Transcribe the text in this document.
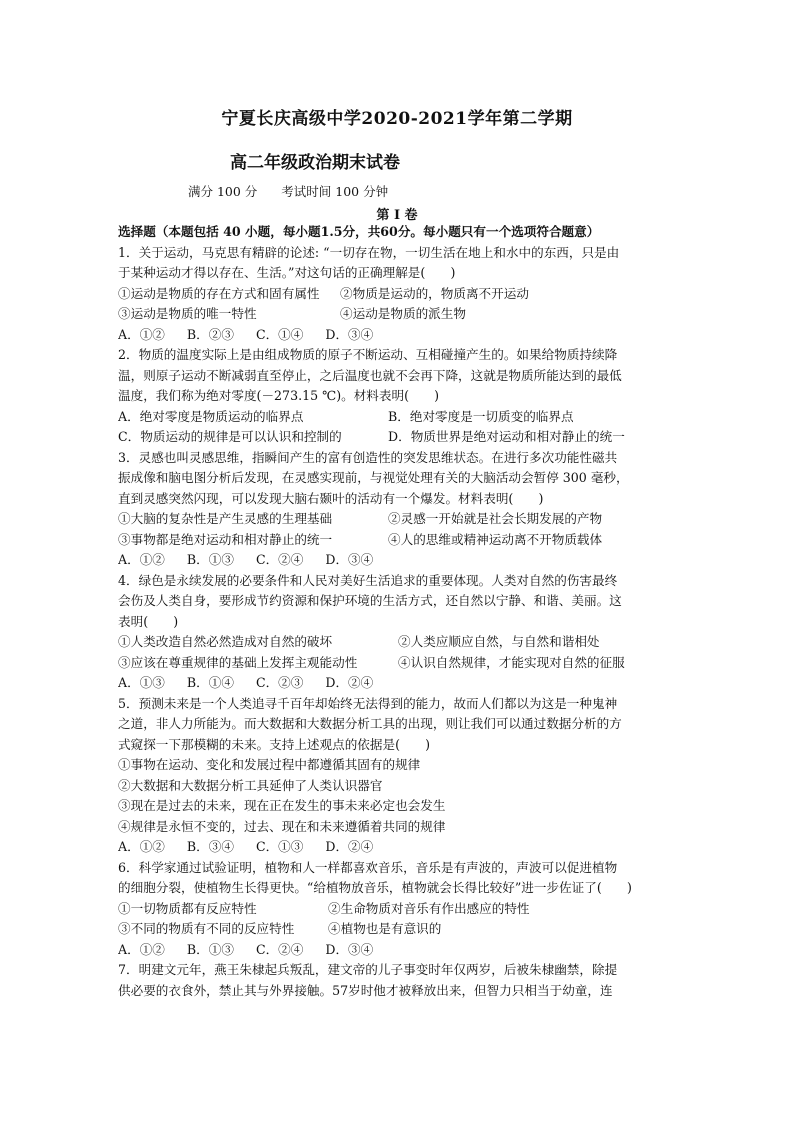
宁夏长庆高级中学2020-2021学年第二学期
高二年级政治期末试卷
满分 100 分 考试时间 100 分钟
第 I 卷
选择题（本题包括 40 小题，每小题1.5分，共60分。每小题只有一个选项符合题意）
1．关于运动，马克思有精辟的论述: “一切存在物，一切生活在地上和水中的东西，只是由
于某种运动才得以存在、生活。”对这句话的正确理解是(　　)
①运动是物质的存在方式和固有属性 ②物质是运动的，物质离不开运动
③运动是物质的唯一特性	④运动是物质的派生物
A．①② B．②③ C．①④ D．③④
2．物质的温度实际上是由组成物质的原子不断运动、互相碰撞产生的。如果给物质持续降
温，则原子运动不断减弱直至停止，之后温度也就不会再下降，这就是物质所能达到的最低
温度，我们称为绝对零度(－273.15 ℃)。材料表明(　　)
A．绝对零度是物质运动的临界点	B．绝对零度是一切质变的临界点
C．物质运动的规律是可以认识和控制的	D．物质世界是绝对运动和相对静止的统一
3．灵感也叫灵感思维，指瞬间产生的富有创造性的突发思维状态。在进行多次功能性磁共
振成像和脑电图分析后发现，在灵感实现前，与视觉处理有关的大脑活动会暂停 300 毫秒，
直到灵感突然闪现，可以发现大脑右颞叶的活动有一个爆发。材料表明(　　)
①大脑的复杂性是产生灵感的生理基础	②灵感一开始就是社会长期发展的产物
③事物都是绝对运动和相对静止的统一	④人的思维或精神运动离不开物质载体
A．①② B．①③ C．②④ D．③④
4．绿色是永续发展的必要条件和人民对美好生活追求的重要体现。人类对自然的伤害最终
会伤及人类自身，要形成节约资源和保护环境的生活方式，还自然以宁静、和谐、美丽。这
表明(　　)
①人类改造自然必然造成对自然的破坏	②人类应顺应自然，与自然和谐相处
③应该在尊重规律的基础上发挥主观能动性	④认识自然规律，才能实现对自然的征服
A．①③ B．①④ C．②③ D．②④
5．预测未来是一个人类追寻千百年却始终无法得到的能力，故而人们都以为这是一种鬼神
之道，非人力所能为。而大数据和大数据分析工具的出现，则让我们可以通过数据分析的方
式窥探一下那模糊的未来。支持上述观点的依据是(　　)
①事物在运动、变化和发展过程中都遵循其固有的规律
②大数据和大数据分析工具延伸了人类认识器官
③现在是过去的未来，现在正在发生的事未来必定也会发生
④规律是永恒不变的，过去、现在和未来遵循着共同的规律
A．①② B．③④ C．①③ D．②④
6．科学家通过试验证明，植物和人一样都喜欢音乐，音乐是有声波的，声波可以促进植物
的细胞分裂，使植物生长得更快。“给植物放音乐，植物就会长得比较好”进一步佐证了(　　)
①一切物质都有反应特性	②生命物质对音乐有作出感应的特性
③不同的物质有不同的反应特性	④植物也是有意识的
A．①② B．①③ C．②④ D．③④
7．明建文元年，燕王朱棣起兵叛乱，建文帝的儿子事变时年仅两岁，后被朱棣幽禁，除提
供必要的衣食外，禁止其与外界接触。57岁时他才被释放出来，但智力只相当于幼童，连
